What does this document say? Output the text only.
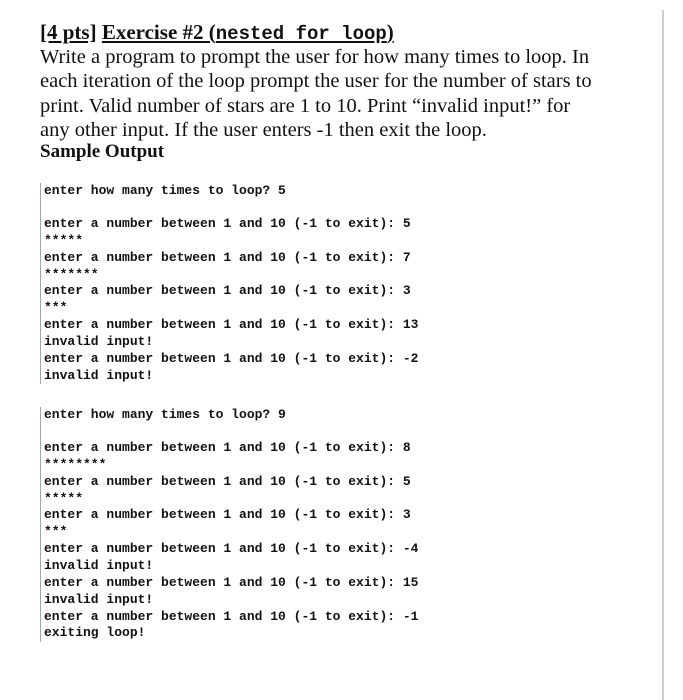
[4 pts] Exercise #2 (nested for loop)
Write a program to prompt the user for how many times to loop. In
each iteration of the loop prompt the user for the number of stars to
print. Valid number of stars are 1 to 10. Print “invalid input!” for
any other input. If the user enters -1 then exit the loop.
Sample Output
enter how many times to loop? 5
enter a number between 1 and 10 (-1 to exit): 5
*****
enter a number between 1 and 10 (-1 to exit): 7
*******
enter a number between 1 and 10 (-1 to exit): 3
***
enter a number between 1 and 10 (-1 to exit): 13
invalid input!
enter a number between 1 and 10 (-1 to exit): -2
invalid input!
enter how many times to loop? 9
enter a number between 1 and 10 (-1 to exit): 8
********
enter a number between 1 and 10 (-1 to exit): 5
*****
enter a number between 1 and 10 (-1 to exit): 3
***
enter a number between 1 and 10 (-1 to exit): -4
invalid input!
enter a number between 1 and 10 (-1 to exit): 15
invalid input!
enter a number between 1 and 10 (-1 to exit): -1
exiting loop!
